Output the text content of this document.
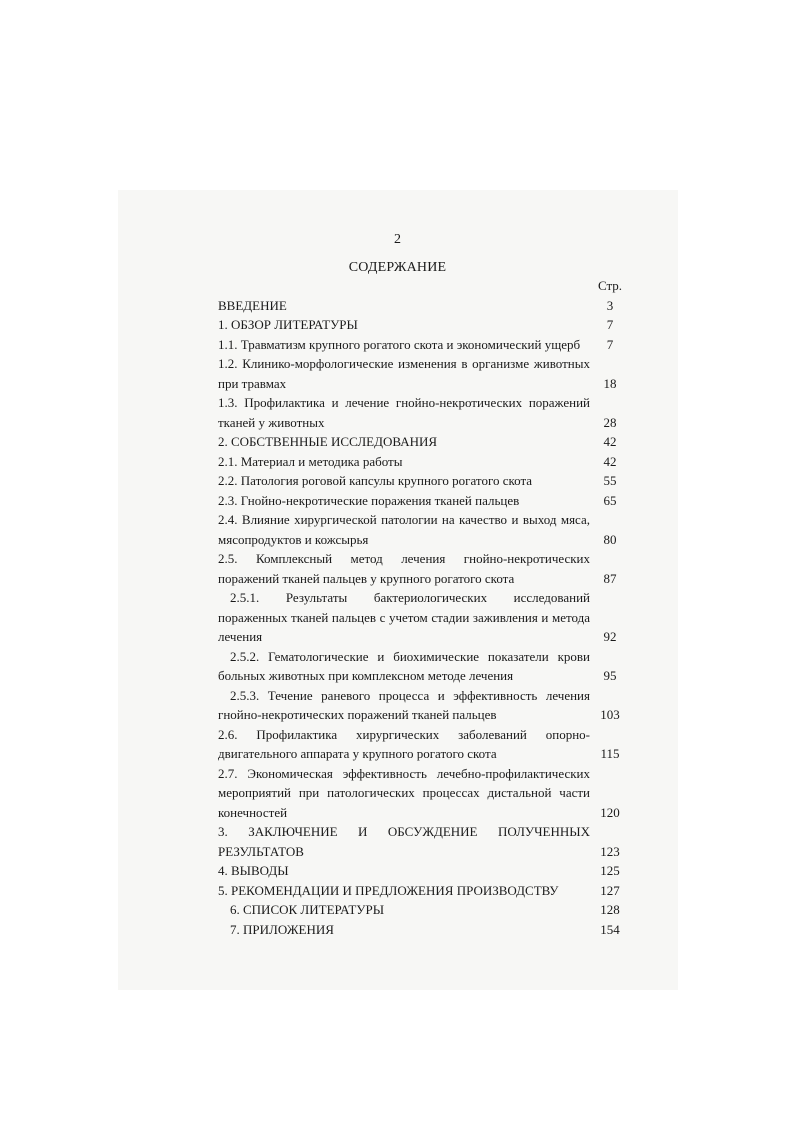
2
СОДЕРЖАНИЕ
Стр.
ВВЕДЕНИЕ	3
1. ОБЗОР ЛИТЕРАТУРЫ	7
1.1. Травматизм крупного рогатого скота и экономический ущерб	7
1.2. Клинико-морфологические изменения в организме животных при травмах	18
1.3. Профилактика и лечение гнойно-некротических поражений тканей у животных	28
2. СОБСТВЕННЫЕ ИССЛЕДОВАНИЯ	42
2.1. Материал и методика работы	42
2.2. Патология роговой капсулы крупного рогатого скота	55
2.3. Гнойно-некротические поражения тканей пальцев	65
2.4. Влияние хирургической патологии на качество и выход мяса, мясопродуктов и кожсырья	80
2.5. Комплексный метод лечения гнойно-некротических поражений тканей пальцев у крупного рогатого скота	87
2.5.1. Результаты бактериологических исследований пораженных тканей пальцев с учетом стадии заживления и метода лечения	92
2.5.2. Гематологические и биохимические показатели крови больных животных при комплексном методе лечения	95
2.5.3. Течение раневого процесса и эффективность лечения гнойно-некротических поражений тканей пальцев	103
2.6. Профилактика хирургических заболеваний опорно-двигательного аппарата у крупного рогатого скота	115
2.7. Экономическая эффективность лечебно-профилактических мероприятий при патологических процессах дистальной части конечностей	120
3. ЗАКЛЮЧЕНИЕ И ОБСУЖДЕНИЕ ПОЛУЧЕННЫХ РЕЗУЛЬТАТОВ	123
4. ВЫВОДЫ	125
5. РЕКОМЕНДАЦИИ И ПРЕДЛОЖЕНИЯ ПРОИЗВОДСТВУ	127
6. СПИСОК ЛИТЕРАТУРЫ	128
7. ПРИЛОЖЕНИЯ	154
